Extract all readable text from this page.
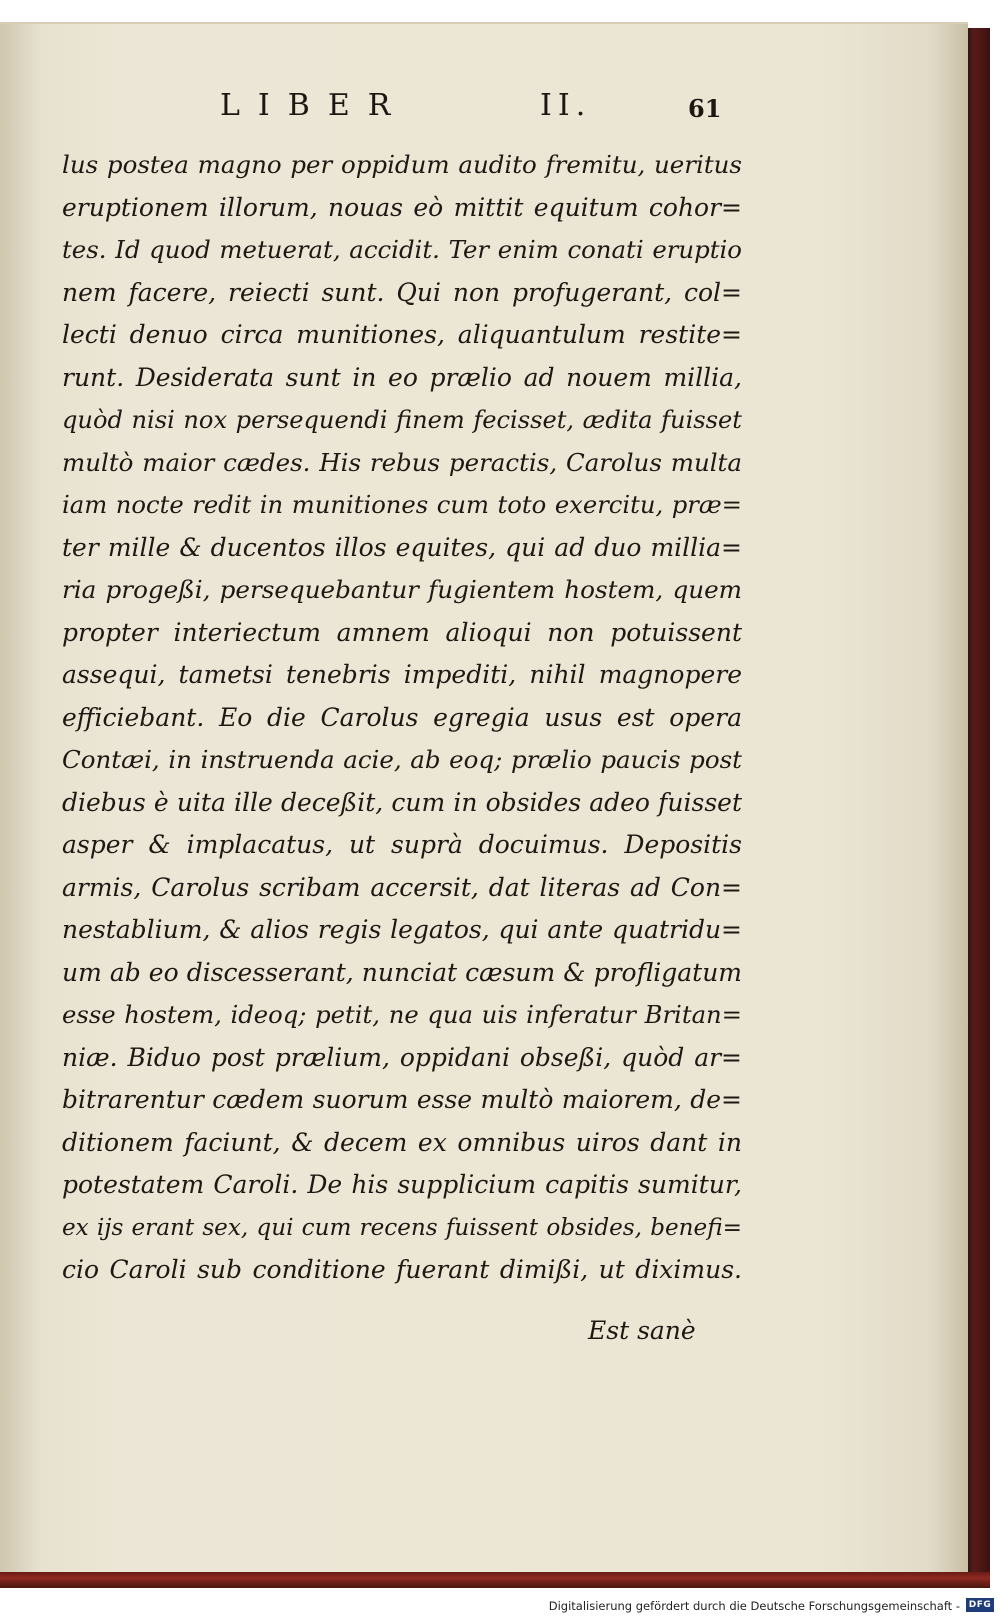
LIBER	II.	61
lus postea magno per oppidum audito fremitu, ueritus
eruptionem illorum, nouas eò mittit equitum cohor=
tes. Id quod metuerat, accidit. Ter enim conati eruptio
nem facere, reiecti sunt. Qui non profugerant, col=
lecti denuo circa munitiones, aliquantulum restite=
runt. Desiderata sunt in eo prælio ad nouem millia,
quòd nisi nox persequendi finem fecisset, ædita fuisset
multò maior cædes. His rebus peractis, Carolus multa
iam nocte redit in munitiones cum toto exercitu, præ=
ter mille & ducentos illos equites, qui ad duo millia=
ria progeßi, persequebantur fugientem hostem, quem
propter interiectum amnem alioqui non potuissent
assequi, tametsi tenebris impediti, nihil magnopere
efficiebant. Eo die Carolus egregia usus est opera
Contæi, in instruenda acie, ab eoq; prælio paucis post
diebus è uita ille deceßit, cum in obsides adeo fuisset
asper & implacatus, ut suprà docuimus. Depositis
armis, Carolus scribam accersit, dat literas ad Con=
nestablium, & alios regis legatos, qui ante quatridu=
um ab eo discesserant, nunciat cæsum & profligatum
esse hostem, ideoq; petit, ne qua uis inferatur Britan=
niæ. Biduo post prælium, oppidani obseßi, quòd ar=
bitrarentur cædem suorum esse multò maiorem, de=
ditionem faciunt, & decem ex omnibus uiros dant in
potestatem Caroli. De his supplicium capitis sumitur,
ex ijs erant sex, qui cum recens fuissent obsides, benefi=
cio Caroli sub conditione fuerant dimißi, ut diximus.
Est sanè
Digitalisierung gefördert durch die Deutsche Forschungsgemeinschaft - DFG
